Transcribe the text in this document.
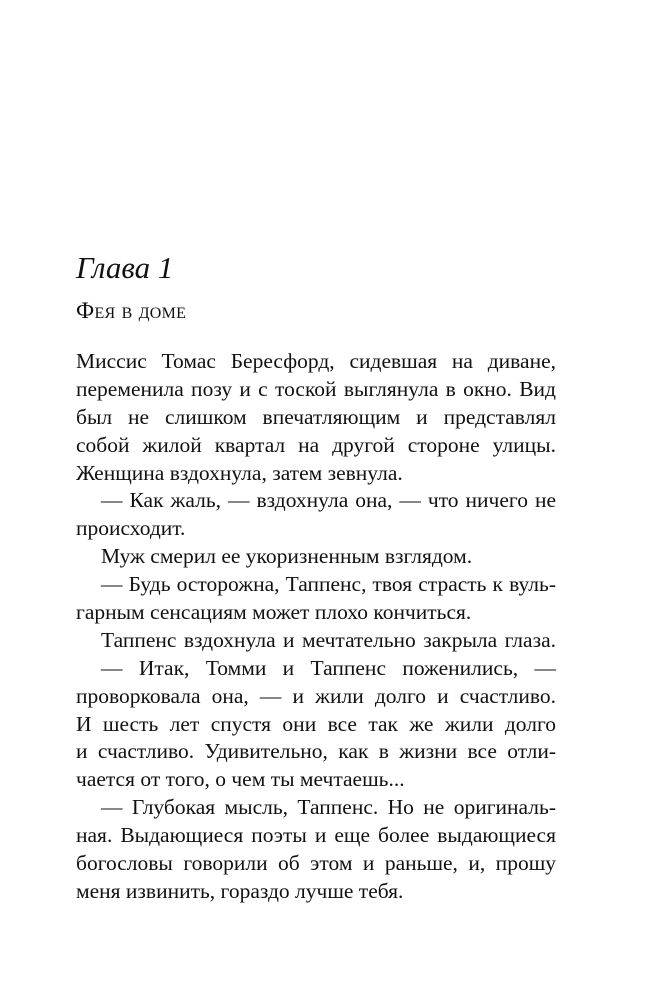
Глава 1
Фея в доме
Миссис Томас Бересфорд, сидевшая на диване,
переменила позу и с тоской выглянула в окно. Вид
был не слишком впечатляющим и представлял
собой жилой квартал на другой стороне улицы.
Женщина вздохнула, затем зевнула.
— Как жаль, — вздохнула она, — что ничего не
происходит.
Муж смерил ее укоризненным взглядом.
— Будь осторожна, Таппенс, твоя страсть к вуль-
гарным сенсациям может плохо кончиться.
Таппенс вздохнула и мечтательно закрыла глаза.
— Итак, Томми и Таппенс поженились, —
проворковала она, — и жили долго и счастливо.
И шесть лет спустя они все так же жили долго
и счастливо. Удивительно, как в жизни все отли-
чается от того, о чем ты мечтаешь...
— Глубокая мысль, Таппенс. Но не оригиналь-
ная. Выдающиеся поэты и еще более выдающиеся
богословы говорили об этом и раньше, и, прошу
меня извинить, гораздо лучше тебя.
